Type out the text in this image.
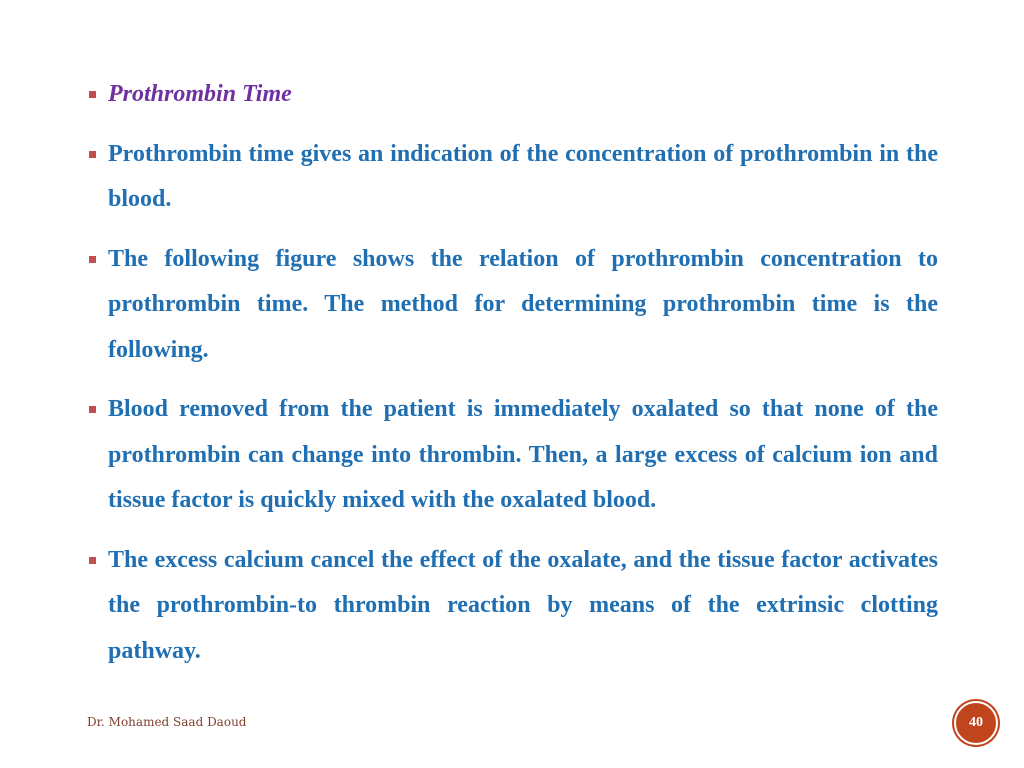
Prothrombin Time
Prothrombin time gives an indication of the concentration of prothrombin in the blood.
The following figure shows the relation of prothrombin concentration to prothrombin time. The method for determining prothrombin time is the following.
Blood removed from the patient is immediately oxalated so that none of the prothrombin can change into thrombin. Then, a large excess of calcium ion and tissue factor is quickly mixed with the oxalated blood.
The excess calcium cancel the effect of the oxalate, and the tissue factor activates the prothrombin-to thrombin reaction by means of the extrinsic clotting pathway.
Dr. Mohamed Saad Daoud	40
